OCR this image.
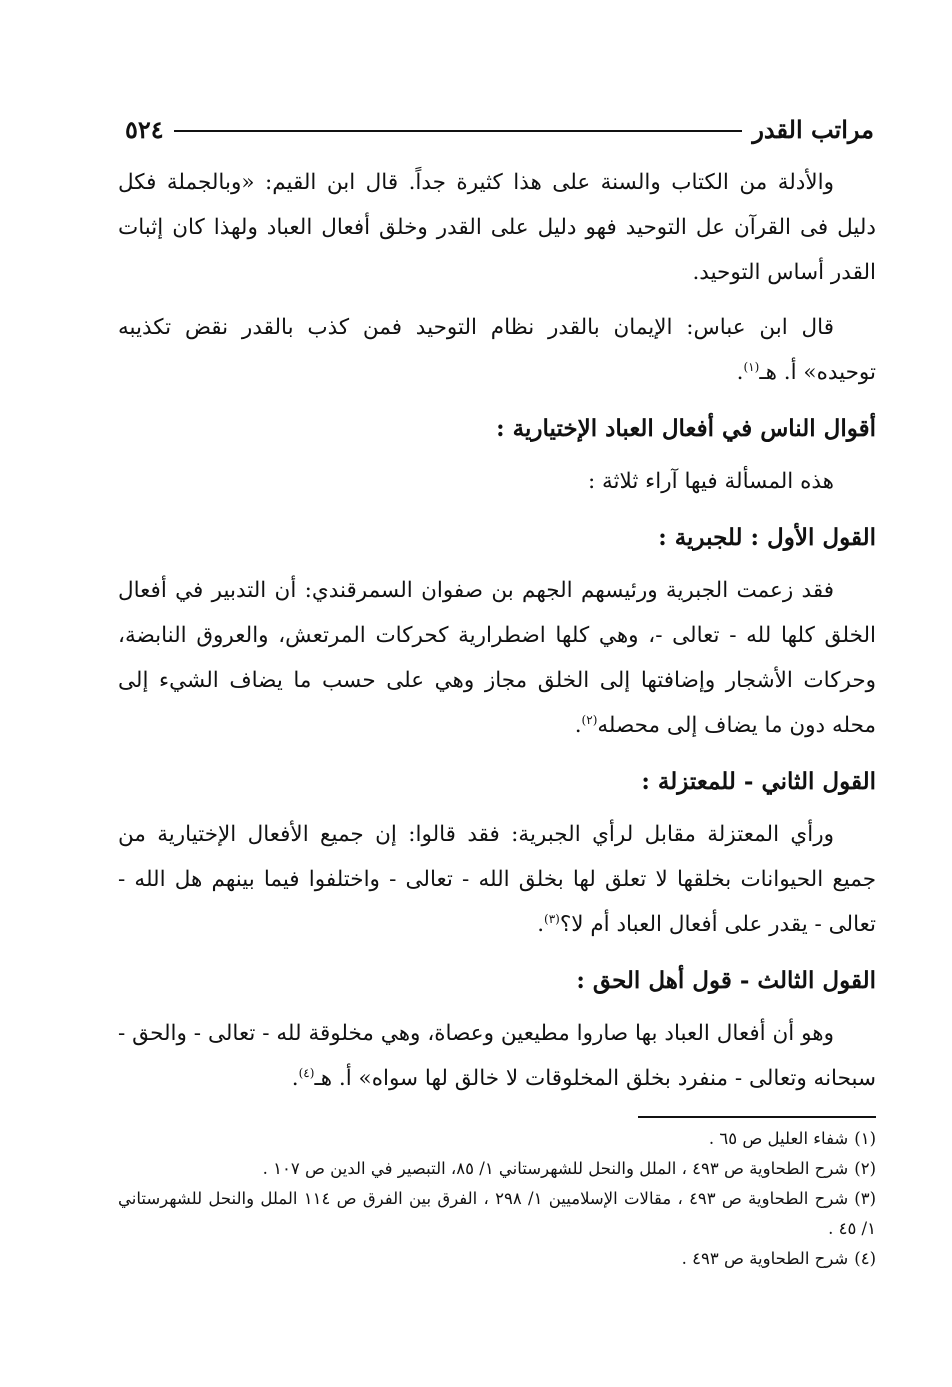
مراتب القدر
٥٢٤

والأدلة من الكتاب والسنة على هذا كثيرة جداً. قال ابن القيم: «وبالجملة فكل دليل فى القرآن عل التوحيد فهو دليل على القدر وخلق أفعال العباد ولهذا كان إثبات القدر أساس التوحيد.

قال ابن عباس: الإيمان بالقدر نظام التوحيد فمن كذب بالقدر نقض تكذيبه توحيده» أ. هـ$^{(١)}$.

أقوال الناس في أفعال العباد الإختيارية :

هذه المسألة فيها آراء ثلاثة :

القول الأول : للجبرية :

فقد زعمت الجبرية ورئيسهم الجهم بن صفوان السمرقندي: أن التدبير في أفعال الخلق كلها لله - تعالى -، وهي كلها اضطرارية كحركات المرتعش، والعروق النابضة، وحركات الأشجار وإضافتها إلى الخلق مجاز وهي على حسب ما يضاف الشيء إلى محله دون ما يضاف إلى محصله$^{(٢)}$.

القول الثاني - للمعتزلة :

ورأي المعتزلة مقابل لرأي الجبرية: فقد قالوا: إن جميع الأفعال الإختيارية من جميع الحيوانات بخلقها لا تعلق لها بخلق الله - تعالى - واختلفوا فيما بينهم هل الله - تعالى - يقدر على أفعال العباد أم لا؟$^{(٣)}$.

القول الثالث - قول أهل الحق :

وهو أن أفعال العباد بها صاروا مطيعين وعصاة، وهي مخلوقة لله - تعالى - والحق - سبحانه وتعالى - منفرد بخلق المخلوقات لا خالق لها سواه» أ. هـ$^{(٤)}$.

(١)شفاء العليل ص ٦٥ .
(٢)شرح الطحاوية ص ٤٩٣ ، الملل والنحل للشهرستاني ١/ ٨٥، التبصير في الدين ص ١٠٧ .
(٣)شرح الطحاوية ص ٤٩٣ ، مقالات الإسلاميين ١/ ٢٩٨ ، الفرق بين الفرق ص ١١٤ الملل والنحل للشهرستاني ١/ ٤٥ .
(٤)شرح الطحاوية ص ٤٩٣ .
